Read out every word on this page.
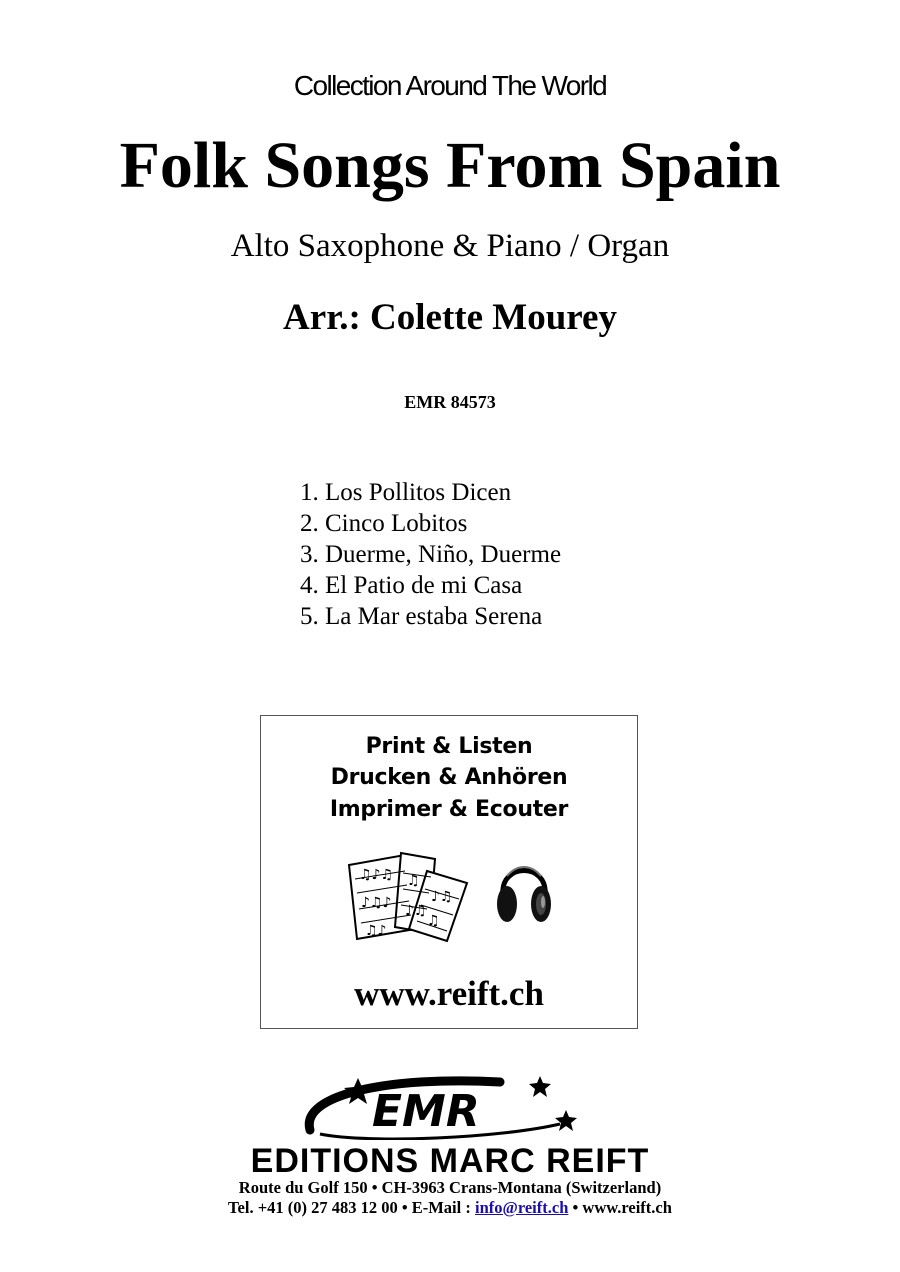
Collection Around The World
Folk Songs From Spain
Alto Saxophone & Piano / Organ
Arr.: Colette Mourey
EMR 84573
1. Los Pollitos Dicen
2. Cinco Lobitos
3. Duerme, Niño, Duerme
4. El Patio de mi Casa
5. La Mar estaba Serena
Print & Listen
Drucken & Anhören
Imprimer & Ecouter
♫♪♫
♪♫♪
♫♪
♫
♪♫
♪♫
♫
www.reift.ch
EMR
EDITIONS MARC REIFT
Route du Golf 150 • CH-3963 Crans-Montana (Switzerland)
Tel. +41 (0) 27 483 12 00 • E-Mail : info@reift.ch • www.reift.ch
